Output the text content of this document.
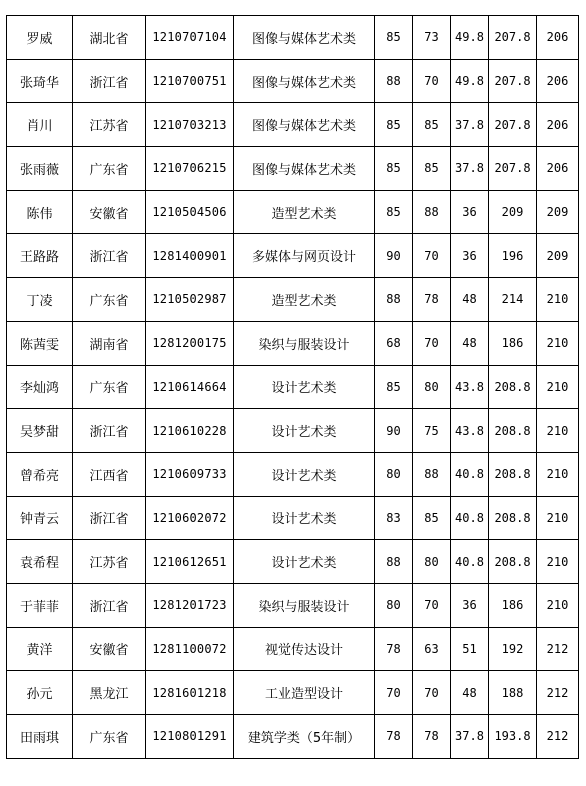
罗威	湖北省	1210707104	图像与媒体艺术类	85	73	49.8	207.8	206
张琦华	浙江省	1210700751	图像与媒体艺术类	88	70	49.8	207.8	206
肖川	江苏省	1210703213	图像与媒体艺术类	85	85	37.8	207.8	206
张雨薇	广东省	1210706215	图像与媒体艺术类	85	85	37.8	207.8	206
陈伟	安徽省	1210504506	造型艺术类	85	88	36	209	209
王路路	浙江省	1281400901	多媒体与网页设计	90	70	36	196	209
丁凌	广东省	1210502987	造型艺术类	88	78	48	214	210
陈茜雯	湖南省	1281200175	染织与服装设计	68	70	48	186	210
李灿鸿	广东省	1210614664	设计艺术类	85	80	43.8	208.8	210
吴梦甜	浙江省	1210610228	设计艺术类	90	75	43.8	208.8	210
曾希亮	江西省	1210609733	设计艺术类	80	88	40.8	208.8	210
钟青云	浙江省	1210602072	设计艺术类	83	85	40.8	208.8	210
袁希程	江苏省	1210612651	设计艺术类	88	80	40.8	208.8	210
于菲菲	浙江省	1281201723	染织与服装设计	80	70	36	186	210
黄洋	安徽省	1281100072	视觉传达设计	78	63	51	192	212
孙元	黑龙江	1281601218	工业造型设计	70	70	48	188	212
田雨琪	广东省	1210801291	建筑学类（5年制）	78	78	37.8	193.8	212
